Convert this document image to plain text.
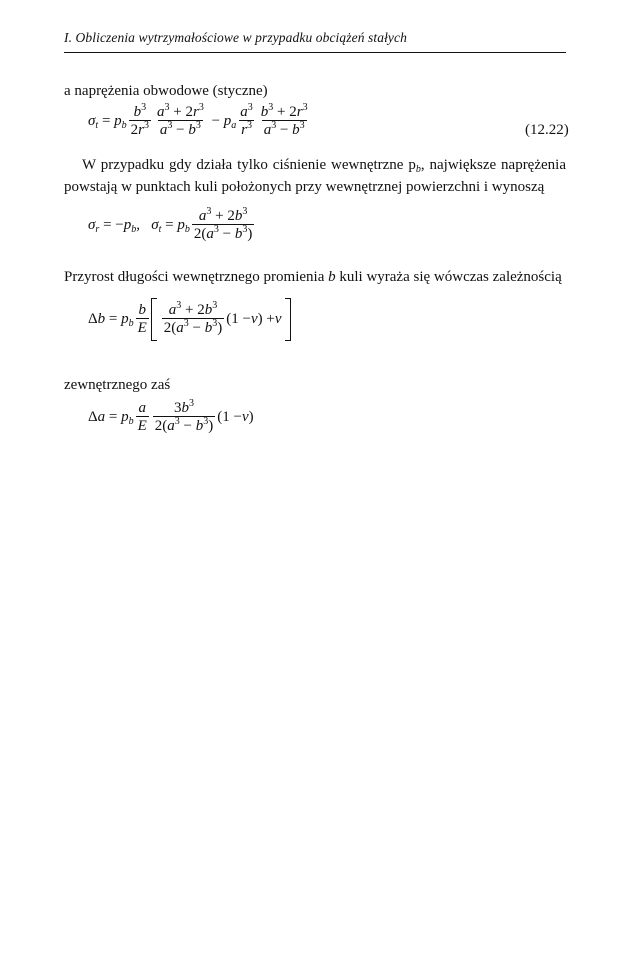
I. Obliczenia wytrzymałościowe w przypadku obciążeń stałych
a naprężenia obwodowe (styczne)
$\sigma_t = p_b \frac{b^3}{2r^3} \frac{a^3 + 2r^3}{a^3 - b^3} - p_a \frac{a^3}{r^3} \frac{b^3 + 2r^3}{a^3 - b^3}$	(12.22)
W przypadku gdy działa tylko ciśnienie wewnętrzne $p_b$, największe naprężenia powstają w punktach kuli położonych przy wewnętrznej powierzchni i wynoszą
$\sigma_r$ = − $p_b$ , $\sigma_t = p_b \frac{a^3 + 2b^3}{2(a^3 - b^3)}$
Przyrost długości wewnętrznego promienia b kuli wyraża się wówczas zależnością
Δ $b = p_b \frac{b}{E} \frac{a^3 + 2b^3}{2(a^3 - b^3)} (1 - \nu$ ) + ν
zewnętrznego zaś
Δ $a = p_b \frac{a}{E} \frac{3b^3}{2(a^3 - b^3)} (1 - \nu$ )
